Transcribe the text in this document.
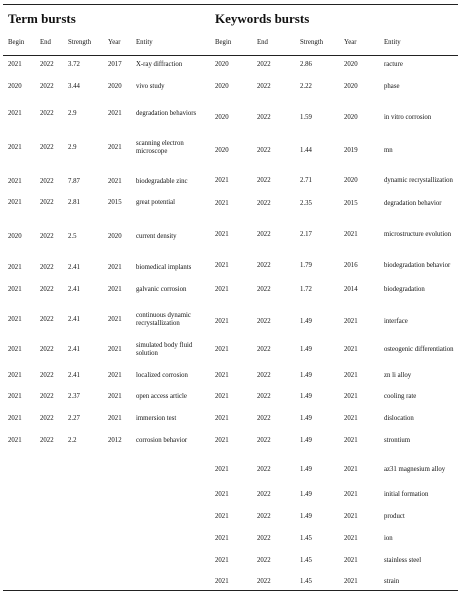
Term bursts	Keywords bursts
Begin End	Strength Year Entity	Begin	End	Strength	Year	Entity
2021	2022 3.72	2017 X-ray diffraction
2020	2022 3.44	2020 vivo study
2021	2022 2.9	2021 degradation behaviors
2021	2022 2.9	2021
scanning electron microscope
2021	2022 7.87	2021 biodegradable zinc
2021	2022 2.81	2015 great potential
2020	2022 2.5	2020 current density
2021	2022 2.41	2021 biomedical implants
2021	2022 2.41	2021 galvanic corrosion
2021	2022 2.41	2021
continuous dynamic recrystallization
2021	2022 2.41	2021
simulated body fluid solution
2021	2022 2.41	2021 localized corrosion
2021	2022 2.37	2021 open access article
2021	2022 2.27	2021 immersion test
2021	2022 2.2	2012 corrosion behavior
2020	2022	2.86	2020	racture
2020	2022	2.22	2020	phase
2020	2022	1.59	2020	in vitro corrosion
2020	2022	1.44	2019	mn
2021	2022	2.71	2020	dynamic recrystallization
2021	2022	2.35	2015	degradation behavior
2021	2022	2.17	2021	microstructure evolution
2021	2022	1.79	2016	biodegradation behavior
2021	2022	1.72	2014	biodegradation
2021	2022	1.49	2021	interface
2021	2022	1.49	2021	osteogenic differentiation
2021	2022	1.49	2021	zn li alloy
2021	2022	1.49	2021	cooling rate
2021	2022	1.49	2021	dislocation
2021	2022	1.49	2021	strontium
2021	2022	1.49	2021	az31 magnesium alloy
2021	2022	1.49	2021	initial formation
2021	2022	1.49	2021	product
2021	2022	1.45	2021	ion
2021	2022	1.45	2021	stainless steel
2021	2022	1.45	2021	strain
